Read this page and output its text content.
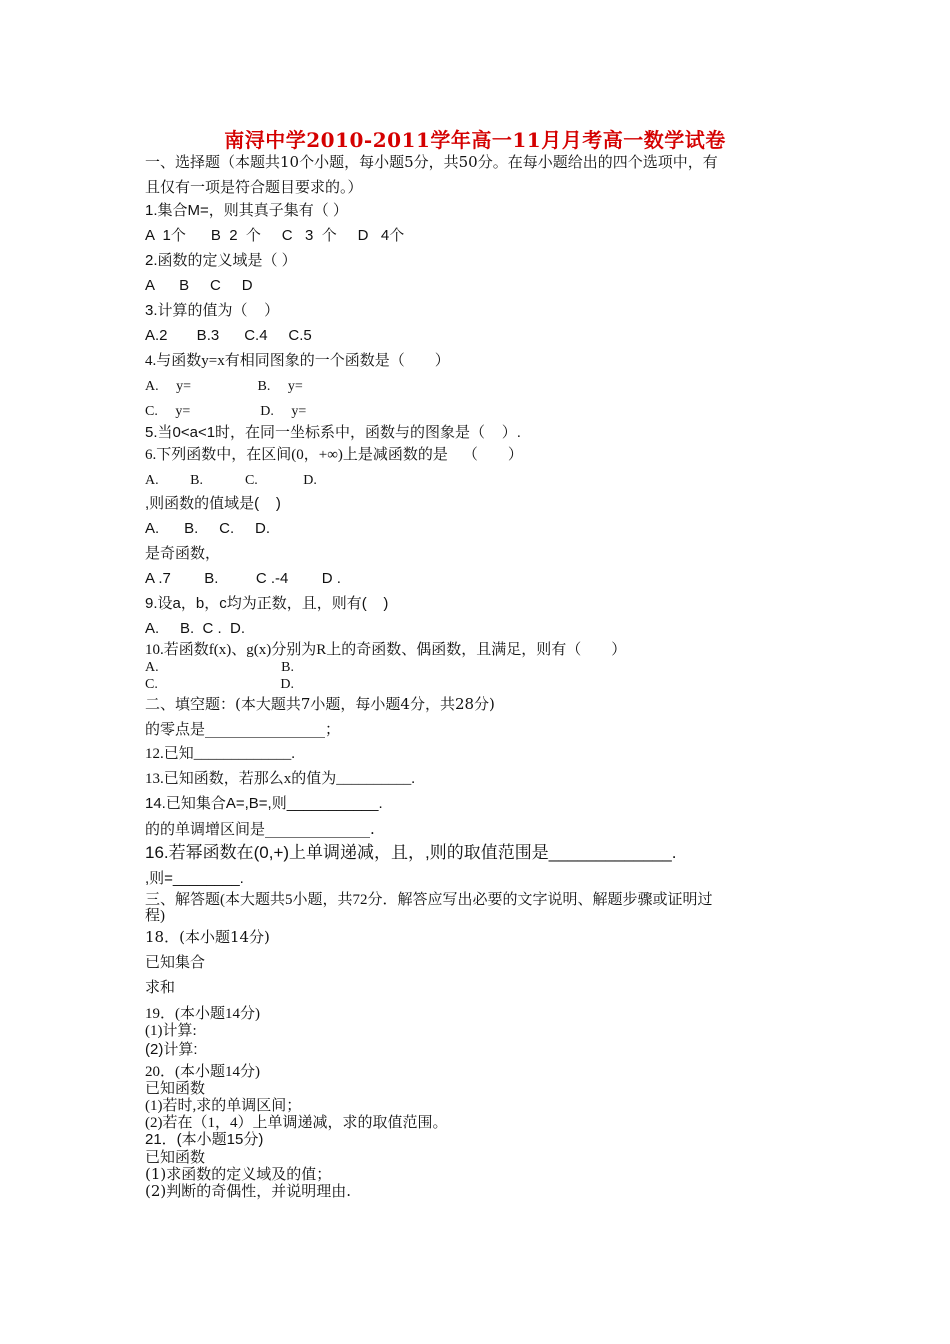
南浔中学2010-2011学年高一11月月考高一数学试卷
一、选择题（本题共10个小题，每小题5分，共50分。在每小题给出的四个选项中，有
且仅有一项是符合题目要求的。）
1.集合M=，则其真子集有（ ）
A  1个      B  2  个     C   3  个     D   4个
2.函数的定义域是（ ）
A      B     C     D
3.计算的值为（    ）
A.2       B.3      C.4     C.5
4.与函数y=x有相同图象的一个函数是（        ）
A.     y=                   B.     y=
C.     y=                    D.     y=
5.当0<a<1时，在同一坐标系中，函数与的图象是（    ）.
6.下列函数中，在区间(0，+∞)上是减函数的是    （        ）
A.         B.            C.             D.
,则函数的值域是(    )
A.      B.     C.     D.
是奇函数，
A .7        B.         C .-4        D .
9.设a，b，c均为正数，且，则有(    )
A.     B.  C .  D.
10.若函数f(x)、g(x)分别为R上的奇函数、偶函数，且满足，则有（        ）
A.                                   B.
C.                                   D.
二、填空题：(本大题共7小题，每小题4分，共28分)
的零点是________________；
12.已知_____________.
13.已知函数，若那么x的值为__________.
14.已知集合A=,B=,则___________.
的的单调增区间是______________.
16.若幂函数在(0,+)上单调递减，且，,则的取值范围是_____________.
,则=________.
三、解答题(本大题共5小题，共72分．解答应写出必要的文字说明、解题步骤或证明过
程)
18．(本小题14分)
已知集合
求和
19．(本小题14分)
(1)计算:
(2)计算:
20．(本小题14分)
已知函数
(1)若时,求的单调区间；
(2)若在（1，4）上单调递减，求的取值范围。
21．(本小题15分)
已知函数
(1)求函数的定义域及的值；
(2)判断的奇偶性，并说明理由.
